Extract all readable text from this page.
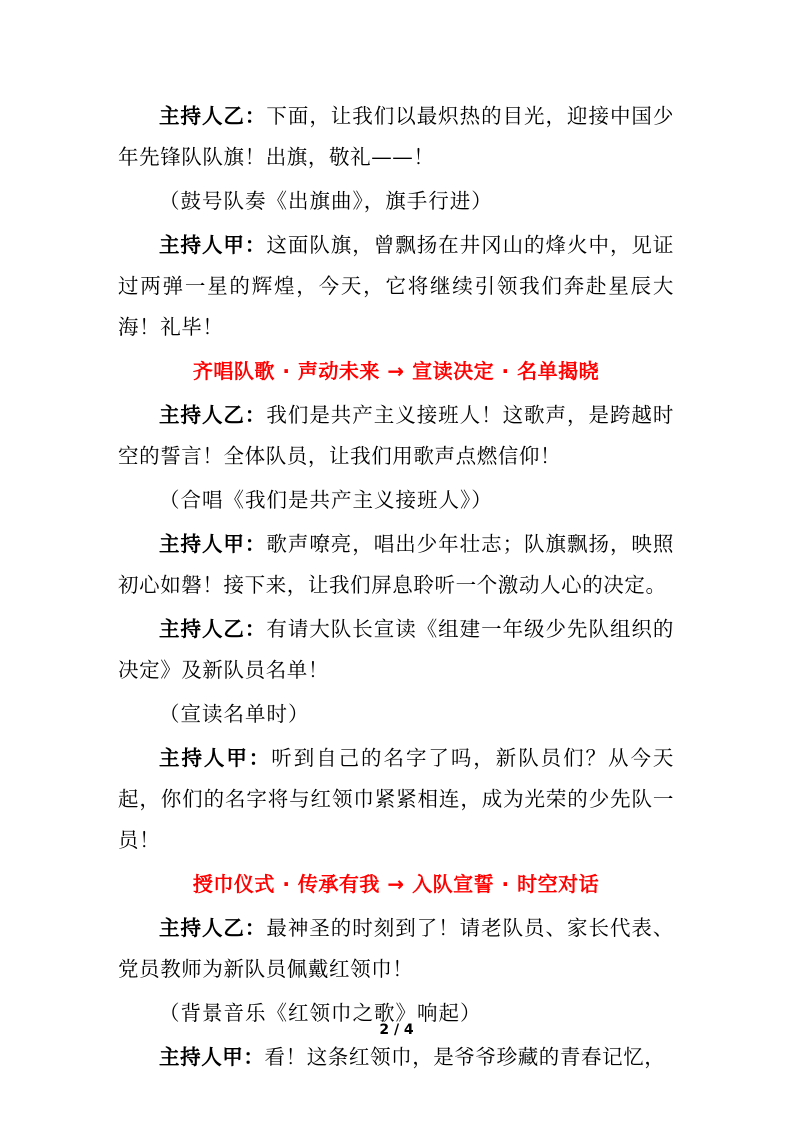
主持人乙：下面，让我们以最炽热的目光，迎接中国少年先锋队队旗！出旗，敬礼——！

（鼓号队奏《出旗曲》，旗手行进）

主持人甲：这面队旗，曾飘扬在井冈山的烽火中，见证过两弹一星的辉煌，今天，它将继续引领我们奔赴星辰大海！礼毕！

齐唱队歌 · 声动未来 → 宣读决定 · 名单揭晓

主持人乙：我们是共产主义接班人！这歌声，是跨越时空的誓言！全体队员，让我们用歌声点燃信仰！

（合唱《我们是共产主义接班人》）

主持人甲：歌声嘹亮，唱出少年壮志；队旗飘扬，映照初心如磐！接下来，让我们屏息聆听一个激动人心的决定。

主持人乙：有请大队长宣读《组建一年级少先队组织的决定》及新队员名单！

（宣读名单时）

主持人甲：听到自己的名字了吗，新队员们？从今天起，你们的名字将与红领巾紧紧相连，成为光荣的少先队一员！

授巾仪式 · 传承有我 → 入队宣誓 · 时空对话

主持人乙：最神圣的时刻到了！请老队员、家长代表、党员教师为新队员佩戴红领巾！

（背景音乐《红领巾之歌》响起）

主持人甲：看！这条红领巾，是爷爷珍藏的青春记忆，

2 / 4
